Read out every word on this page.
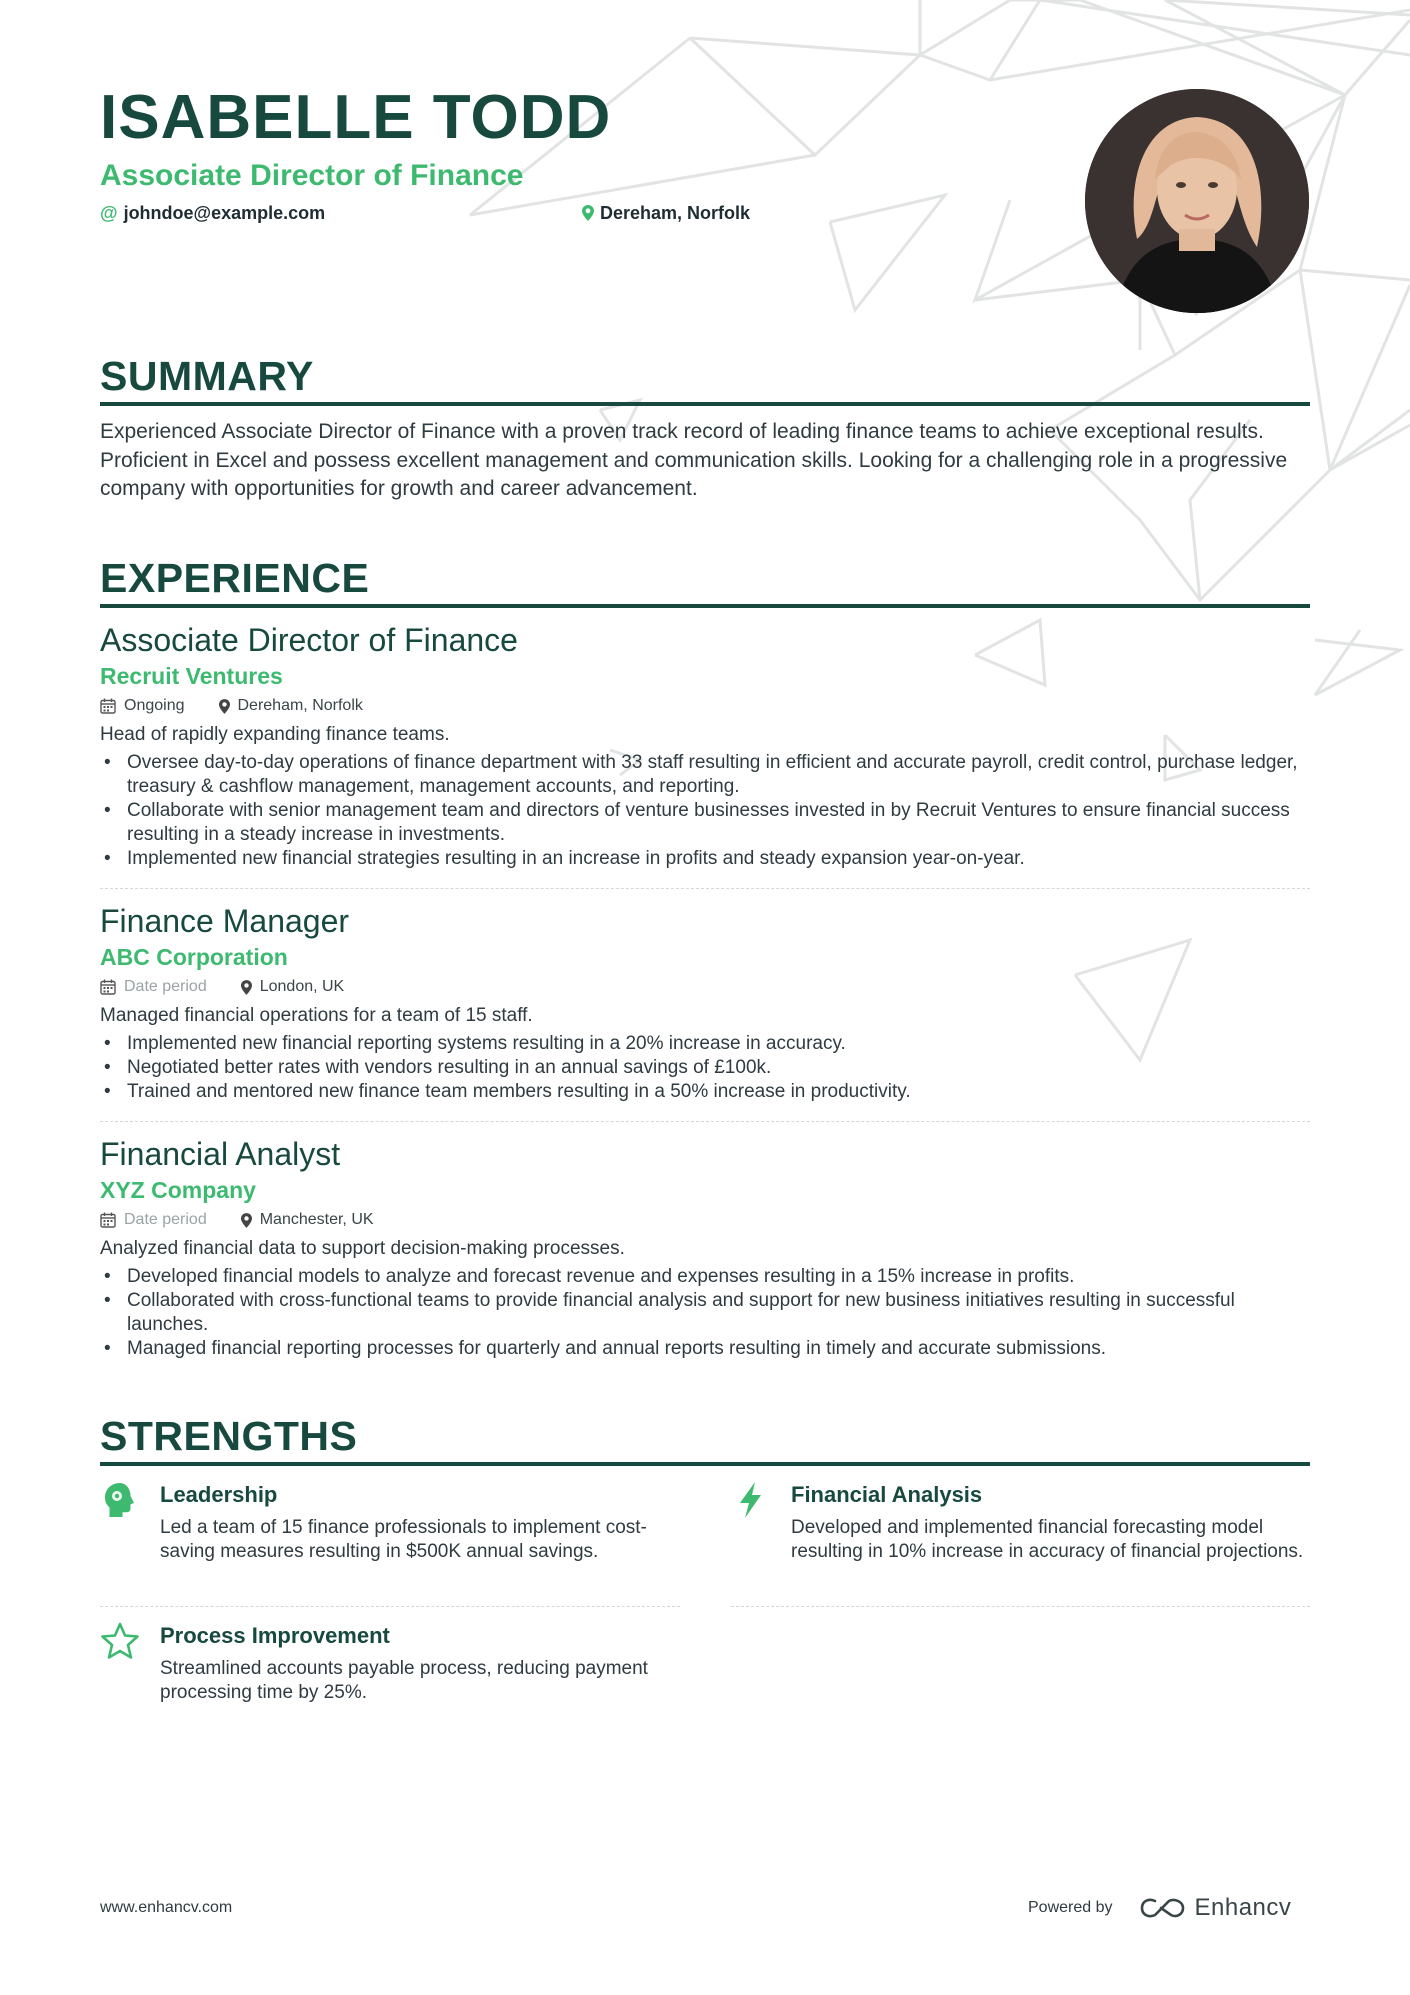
ISABELLE TODD
Associate Director of Finance
@ johndoe@example.com	Dereham, Norfolk
SUMMARY

Experienced Associate Director of Finance with a proven track record of leading finance teams to achieve exceptional results. Proficient in Excel and possess excellent management and communication skills. Looking for a challenging role in a progressive company with opportunities for growth and career advancement.

EXPERIENCE
Associate Director of Finance
Recruit Ventures
Ongoing	Dereham, Norfolk
Head of rapidly expanding finance teams.
• Oversee day-to-day operations of finance department with 33 staff resulting in efficient and accurate payroll, credit control, purchase ledger, treasury & cashflow management, management accounts, and reporting.
• Collaborate with senior management team and directors of venture businesses invested in by Recruit Ventures to ensure financial success resulting in a steady increase in investments.
• Implemented new financial strategies resulting in an increase in profits and steady expansion year-on-year.
Finance Manager
ABC Corporation
Date period	London, UK
Managed financial operations for a team of 15 staff.
• Implemented new financial reporting systems resulting in a 20% increase in accuracy.
• Negotiated better rates with vendors resulting in an annual savings of £100k.
• Trained and mentored new finance team members resulting in a 50% increase in productivity.
Financial Analyst
XYZ Company
Date period	Manchester, UK
Analyzed financial data to support decision-making processes.
• Developed financial models to analyze and forecast revenue and expenses resulting in a 15% increase in profits.
• Collaborated with cross-functional teams to provide financial analysis and support for new business initiatives resulting in successful launches.
• Managed financial reporting processes for quarterly and annual reports resulting in timely and accurate submissions.
STRENGTHS
Leadership
Led a team of 15 finance professionals to implement cost-saving measures resulting in $500K annual savings.
Financial Analysis
Developed and implemented financial forecasting model resulting in 10% increase in accuracy of financial projections.
Process Improvement
Streamlined accounts payable process, reducing payment processing time by 25%.
www.enhancv.com	Powered by	Enhancv
